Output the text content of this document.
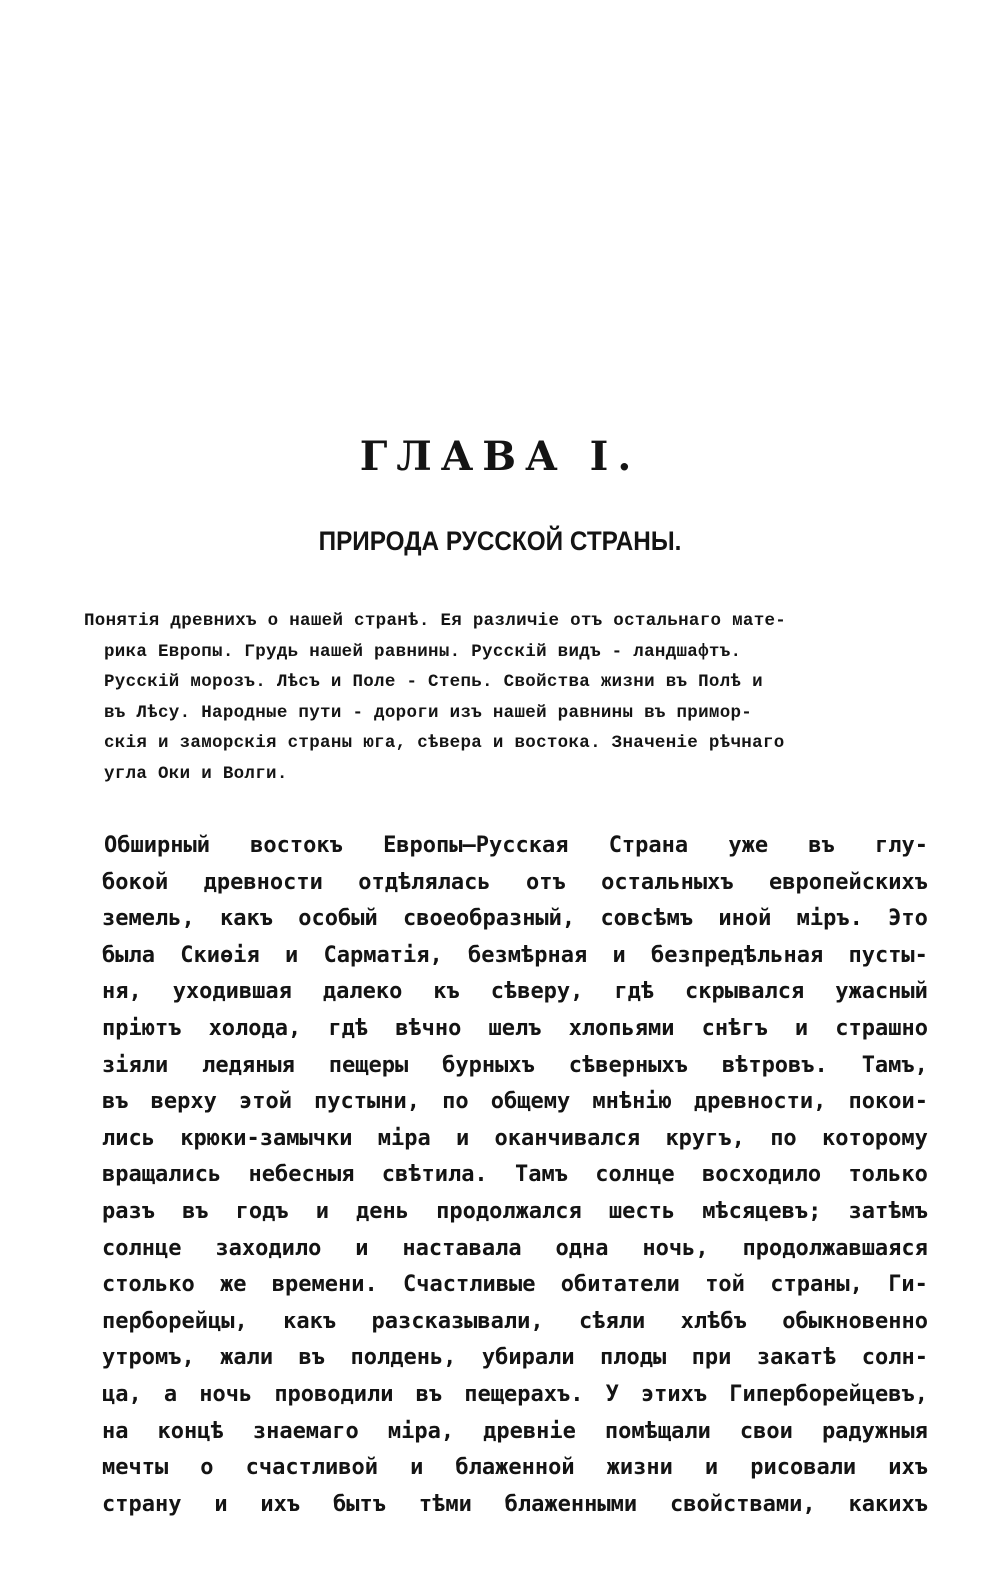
ГЛАВА I.
ПРИРОДА РУССКОЙ СТРАНЫ.
Понятія древнихъ о нашей странѣ. Ея различіе отъ остальнаго мате-
рика Европы. Грудь нашей равнины. Русскій видъ - ландшафтъ.
Русскій морозъ. Лѣсъ и Поле - Степь. Свойства жизни въ Полѣ и
въ Лѣсу. Народные пути - дороги изъ нашей равнины въ примор-
скія и заморскія страны юга, сѣвера и востока. Значеніе рѣчнаго
угла Оки и Волги.
Обширный востокъ Европы—Русская Страна уже въ глу-
бокой древности отдѣлялась отъ остальныхъ европейскихъ
земель, какъ особый своеобразный, совсѣмъ иной міръ. Это
была Скиѳія и Сарматія, безмѣрная и безпредѣльная пусты-
ня, уходившая далеко къ сѣверу, гдѣ скрывался ужасный
пріютъ холода, гдѣ вѣчно шелъ хлопьями снѣгъ и страшно
зіяли ледяныя пещеры бурныхъ сѣверныхъ вѣтровъ. Тамъ,
въ верху этой пустыни, по общему мнѣнію древности, покои-
лись крюки-замычки міра и оканчивался кругъ, по которому
вращались небесныя свѣтила. Тамъ солнце восходило только
разъ въ годъ и день продолжался шесть мѣсяцевъ; затѣмъ
солнце заходило и наставала одна ночь, продолжавшаяся
столько же времени. Счастливые обитатели той страны, Ги-
перборейцы, какъ разсказывали, сѣяли хлѣбъ обыкновенно
утромъ, жали въ полдень, убирали плоды при закатѣ солн-
ца, а ночь проводили въ пещерахъ. У этихъ Гиперборейцевъ,
на концѣ знаемаго міра, древніе помѣщали свои радужныя
мечты о счастливой и блаженной жизни и рисовали ихъ
страну и ихъ бытъ тѣми блаженными свойствами, какихъ
